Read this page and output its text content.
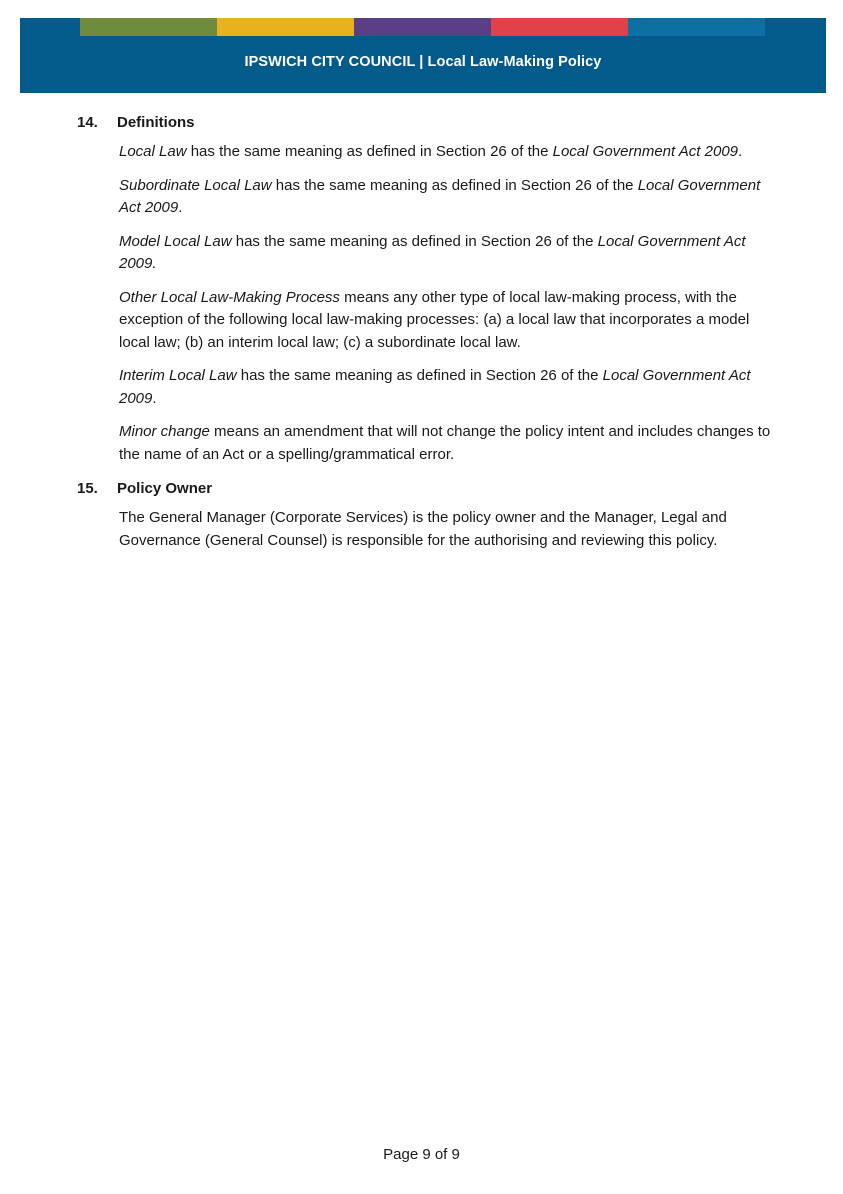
IPSWICH CITY COUNCIL | Local Law-Making Policy
14.	Definitions

Local Law has the same meaning as defined in Section 26 of the Local Government Act 2009.

Subordinate Local Law has the same meaning as defined in Section 26 of the Local Government Act 2009.

Model Local Law has the same meaning as defined in Section 26 of the Local Government Act 2009.

Other Local Law-Making Process means any other type of local law-making process, with the exception of the following local law-making processes: (a) a local law that incorporates a model local law; (b) an interim local law; (c) a subordinate local law.

Interim Local Law has the same meaning as defined in Section 26 of the Local Government Act 2009.

Minor change means an amendment that will not change the policy intent and includes changes to the name of an Act or a spelling/grammatical error.

15.	Policy Owner

The General Manager (Corporate Services) is the policy owner and the Manager, Legal and Governance (General Counsel) is responsible for the authorising and reviewing this policy.

Page 9 of 9
